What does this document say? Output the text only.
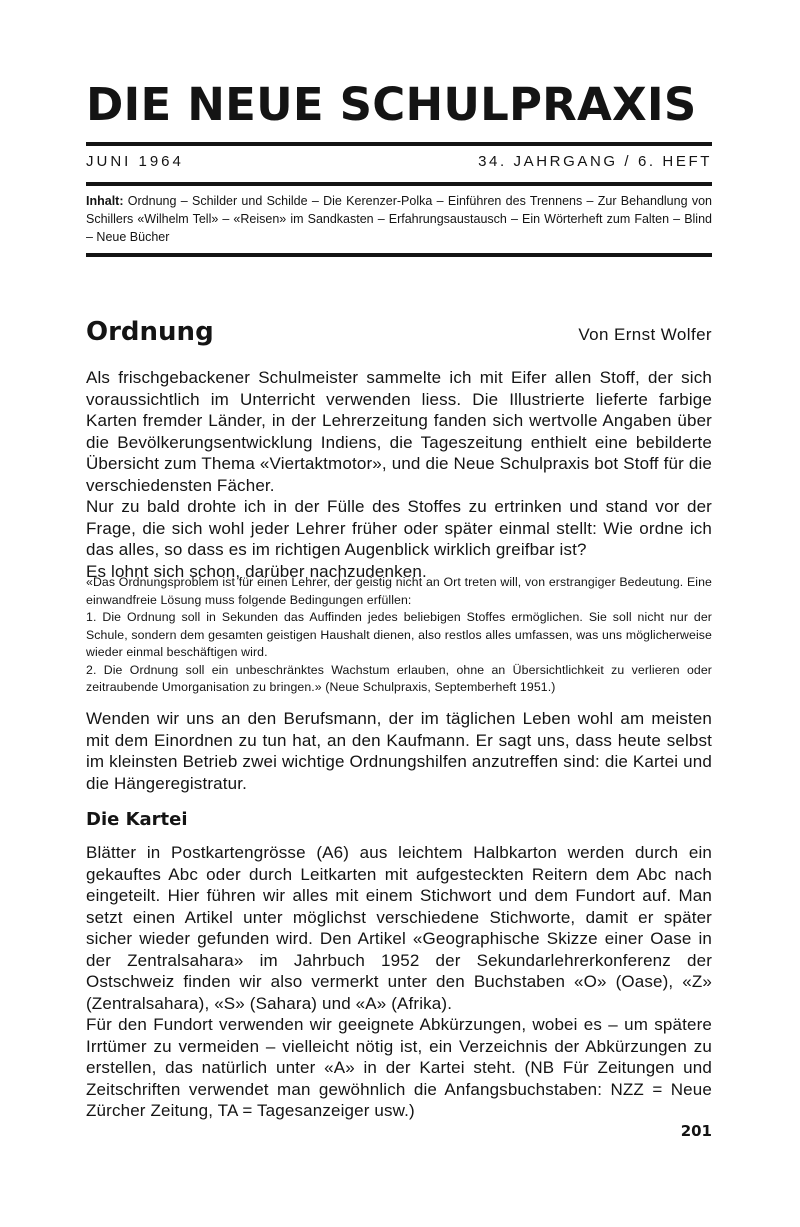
DIE NEUE SCHULPRAXIS
JUNI 1964	34. JAHRGANG / 6. HEFT
Inhalt: Ordnung – Schilder und Schilde – Die Kerenzer-Polka – Einführen des Trennens – Zur Behandlung von Schillers «Wilhelm Tell» – «Reisen» im Sandkasten – Erfahrungsaustausch – Ein Wörterheft zum Falten – Blind – Neue Bücher
Ordnung	Von Ernst Wolfer

Als frischgebackener Schulmeister sammelte ich mit Eifer allen Stoff, der sich voraussichtlich im Unterricht verwenden liess. Die Illustrierte lieferte farbige Karten fremder Länder, in der Lehrerzeitung fanden sich wertvolle Angaben über die Bevölkerungsentwicklung Indiens, die Tageszeitung enthielt eine bebilderte Übersicht zum Thema «Viertaktmotor», und die Neue Schulpraxis bot Stoff für die verschiedensten Fächer.

Nur zu bald drohte ich in der Fülle des Stoffes zu ertrinken und stand vor der Frage, die sich wohl jeder Lehrer früher oder später einmal stellt: Wie ordne ich das alles, so dass es im richtigen Augenblick wirklich greifbar ist?

Es lohnt sich schon, darüber nachzudenken.

«Das Ordnungsproblem ist für einen Lehrer, der geistig nicht an Ort treten will, von erstrangiger Bedeutung. Eine einwandfreie Lösung muss folgende Bedingungen erfüllen:

1. Die Ordnung soll in Sekunden das Auffinden jedes beliebigen Stoffes ermöglichen. Sie soll nicht nur der Schule, sondern dem gesamten geistigen Haushalt dienen, also restlos alles umfassen, was uns möglicherweise wieder einmal beschäftigen wird.

2. Die Ordnung soll ein unbeschränktes Wachstum erlauben, ohne an Übersichtlichkeit zu verlieren oder zeitraubende Umorganisation zu bringen.» (Neue Schulpraxis, Septemberheft 1951.)

Wenden wir uns an den Berufsmann, der im täglichen Leben wohl am meisten mit dem Einordnen zu tun hat, an den Kaufmann. Er sagt uns, dass heute selbst im kleinsten Betrieb zwei wichtige Ordnungshilfen anzutreffen sind: die Kartei und die Hängeregistratur.

Die Kartei

Blätter in Postkartengrösse (A6) aus leichtem Halbkarton werden durch ein gekauftes Abc oder durch Leitkarten mit aufgesteckten Reitern dem Abc nach eingeteilt. Hier führen wir alles mit einem Stichwort und dem Fundort auf. Man setzt einen Artikel unter möglichst verschiedene Stichworte, damit er später sicher wieder gefunden wird. Den Artikel «Geographische Skizze einer Oase in der Zentralsahara» im Jahrbuch 1952 der Sekundarlehrerkonferenz der Ostschweiz finden wir also vermerkt unter den Buchstaben «O» (Oase), «Z» (Zentralsahara), «S» (Sahara) und «A» (Afrika).

Für den Fundort verwenden wir geeignete Abkürzungen, wobei es – um spätere Irrtümer zu vermeiden – vielleicht nötig ist, ein Verzeichnis der Abkürzungen zu erstellen, das natürlich unter «A» in der Kartei steht. (NB Für Zeitungen und Zeitschriften verwendet man gewöhnlich die Anfangsbuchstaben: NZZ = Neue Zürcher Zeitung, TA = Tagesanzeiger usw.)

201
